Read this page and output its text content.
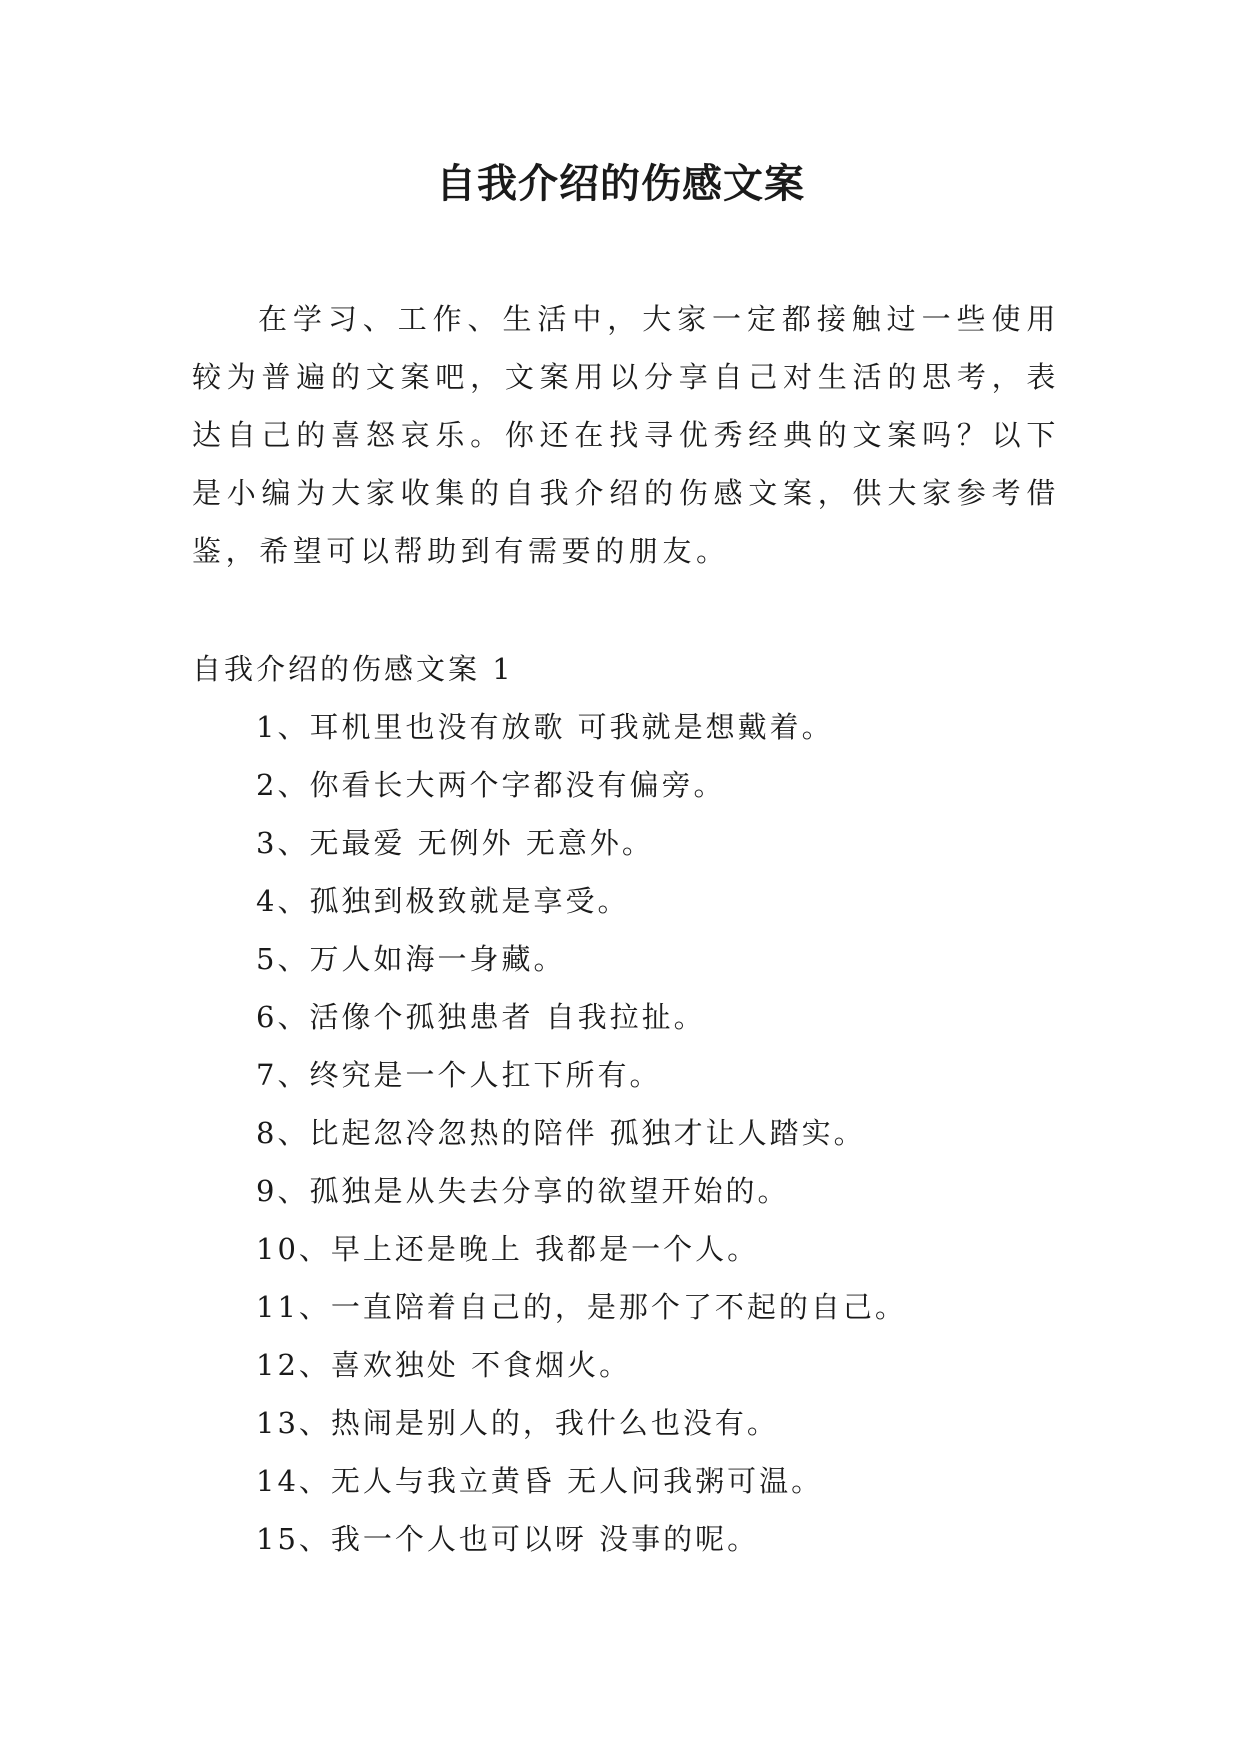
自我介绍的伤感文案

在学习、工作、生活中，大家一定都接触过一些使用较为普遍的文案吧，文案用以分享自己对生活的思考，表达自己的喜怒哀乐。你还在找寻优秀经典的文案吗？以下是小编为大家收集的自我介绍的伤感文案，供大家参考借鉴，希望可以帮助到有需要的朋友。

自我介绍的伤感文案 1
1、耳机里也没有放歌 可我就是想戴着。
2、你看长大两个字都没有偏旁。
3、无最爱 无例外 无意外。
4、孤独到极致就是享受。
5、万人如海一身藏。
6、活像个孤独患者 自我拉扯。
7、终究是一个人扛下所有。
8、比起忽冷忽热的陪伴 孤独才让人踏实。
9、孤独是从失去分享的欲望开始的。
10、早上还是晚上 我都是一个人。
11、一直陪着自己的，是那个了不起的自己。
12、喜欢独处 不食烟火。
13、热闹是别人的，我什么也没有。
14、无人与我立黄昏 无人问我粥可温。
15、我一个人也可以呀 没事的呢。
